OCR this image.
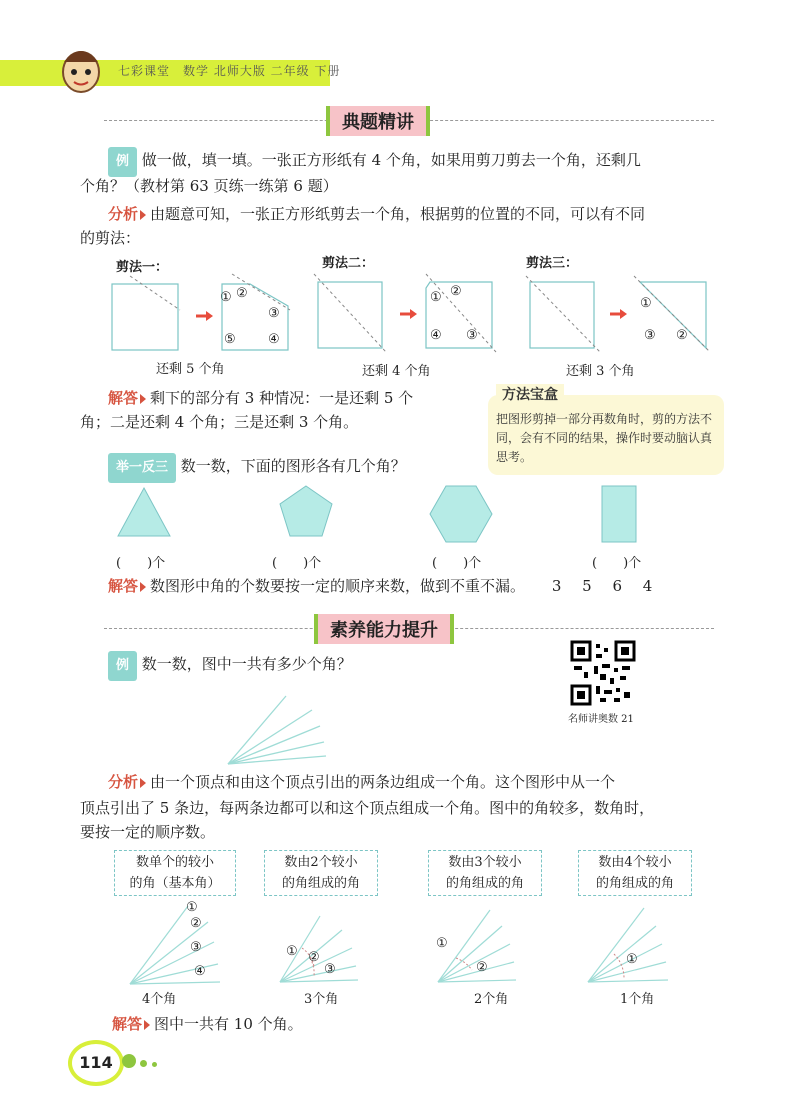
七彩课堂　数学 北师大版 二年级 下册
典题精讲
例 做一做，填一填。一张正方形纸有 4 个角，如果用剪刀剪去一个角，还剩几
个角？（教材第 63 页练一练第 6 题）
分析 由题意可知，一张正方形纸剪去一个角，根据剪的位置的不同，可以有不同
的剪法：
剪法一：	剪法二：	剪法三：
① ②
③
④
⑤
① ②
③
④
①
②
③
还剩 5 个角	还剩 4 个角	还剩 3 个角
解答 剩下的部分有 3 种情况：一是还剩 5 个
角；二是还剩 4 个角；三是还剩 3 个角。
方法宝盒
把图形剪掉一部分再数角时，剪的方法不同，会有不同的结果，操作时要动脑认真思考。
举一反三 数一数，下面的图形各有几个角？
(　　)个	(　　)个	(　　)个	(　　)个
解答 数图形中角的个数要按一定的顺序来数，做到不重不漏。 3 5 6 4
素养能力提升
例 数一数，图中一共有多少个角？
名师讲奥数 21
分析 由一个顶点和由这个顶点引出的两条边组成一个角。这个图形中从一个
顶点引出了 5 条边，每两条边都可以和这个顶点组成一个角。图中的角较多，数角时，
要按一定的顺序数。
数单个的较小
的角（基本角）
数由2个较小
的角组成的角
数由3个较小
的角组成的角
数由4个较小
的角组成的角
①
②
③
④
① ②
③
①
②
①
4个角	3个角	2个角	1个角
解答 图中一共有 10 个角。
114
